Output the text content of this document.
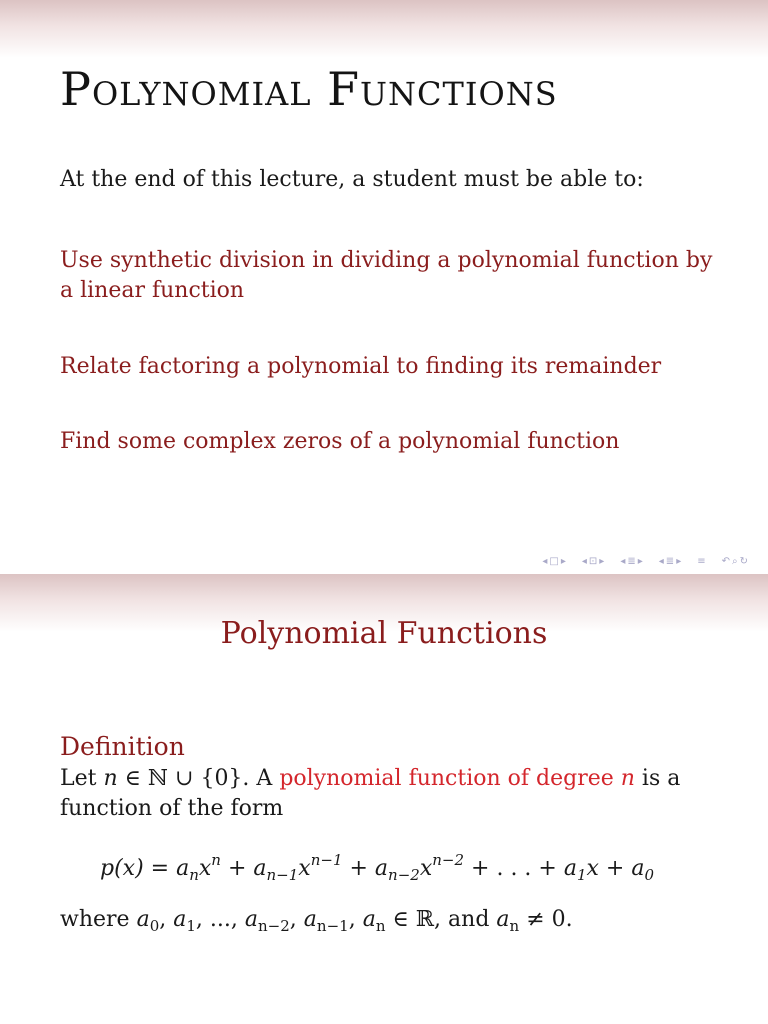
Polynomial Functions
At the end of this lecture, a student must be able to:
Use synthetic division in dividing a polynomial function by a linear function
Relate factoring a polynomial to finding its remainder
Find some complex zeros of a polynomial function
◂ □ ▸ ◂ ⊡ ▸ ◂ ≣ ▸ ◂ ≣ ▸ ≡ ↶ ⌕ ↻
Polynomial Functions
Definition
Let n ∈ ℕ ∪ {0}. A polynomial function of degree n is a
function of the form
$p(x) = a_nx^n + a_{n-1}x^{n-1} + a_{n-2}x^{n-2}$ + . . . + $a_1x + a_0$
where $a_0$, $a_1$, ..., $a_{n-2}$, $a_{n-1}$, $a_n$ ∈ ℝ, and $a_n \ne 0$.
